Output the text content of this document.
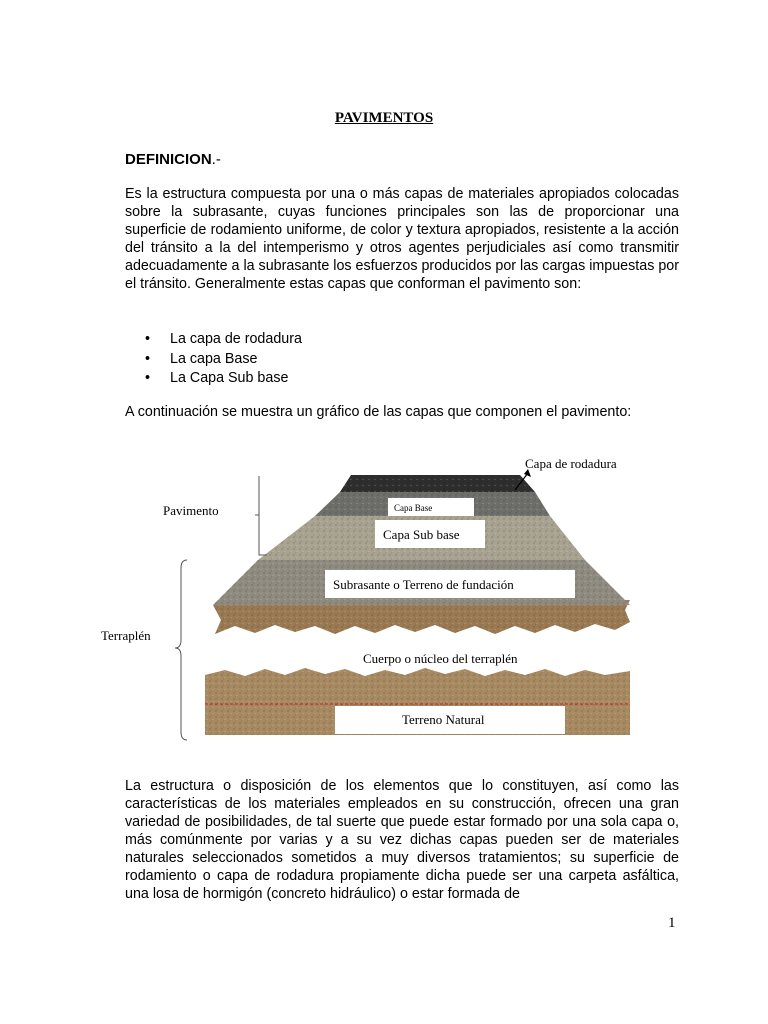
PAVIMENTOS
DEFINICION.-
Es la estructura compuesta por una o más capas de materiales apropiados colocadas sobre la subrasante, cuyas funciones principales son las de proporcionar una superficie de rodamiento uniforme, de color y textura apropiados, resistente a la acción del tránsito a la del intemperismo y otros agentes perjudiciales así como transmitir adecuadamente a la subrasante los esfuerzos producidos por las cargas impuestas por el tránsito. Generalmente estas capas que conforman el pavimento son:
• La capa de rodadura
• La capa Base
• La Capa Sub base
A continuación se muestra un gráfico de las capas que componen el pavimento:
Capa de rodadura
Capa Base
Capa Sub base
Subrasante o Terreno de fundación
Cuerpo o núcleo del terraplén
Terreno Natural
Pavimento
Terraplén
La estructura o disposición de los elementos que lo constituyen, así como las características de los materiales empleados en su construcción, ofrecen una gran variedad de posibilidades, de tal suerte que puede estar formado por una sola capa o, más comúnmente por varias y a su vez dichas capas pueden ser de materiales naturales seleccionados sometidos a muy diversos tratamientos; su superficie de rodamiento o capa de rodadura propiamente dicha puede ser una carpeta asfáltica, una losa de hormigón (concreto hidráulico) o estar formada de
1
